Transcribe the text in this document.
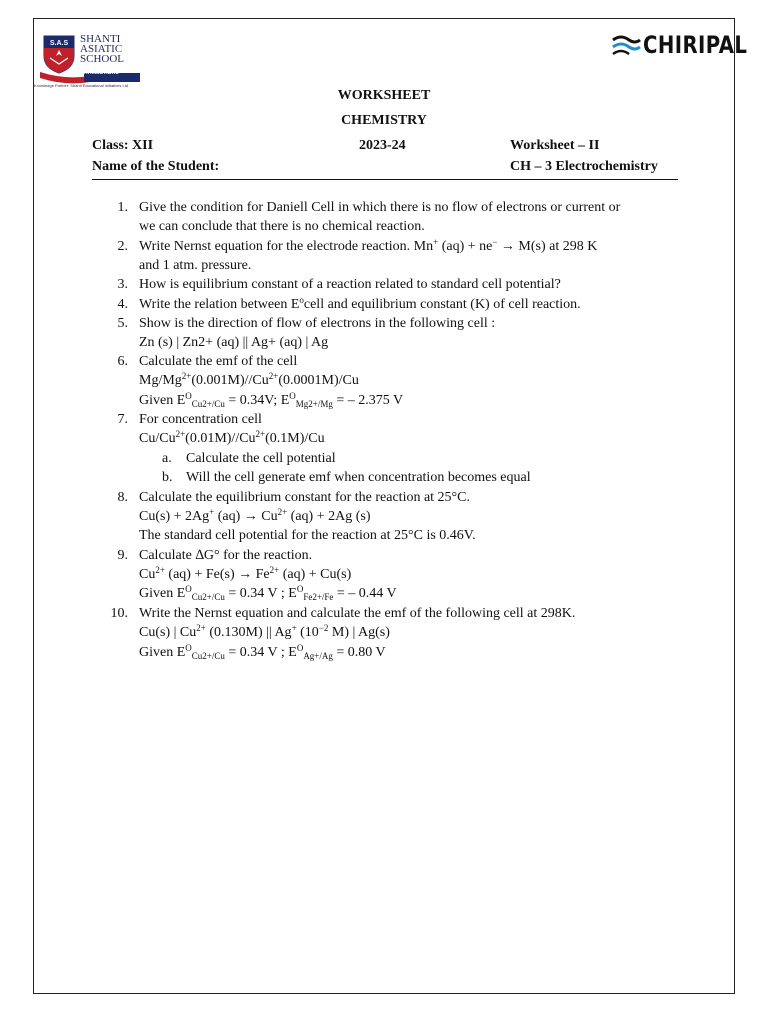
S.A.S SHANTI
ASIATIC
SCHOOL
AHMEDABAD
Knowledge Partner: Shanti Educational Initiatives Ltd.
CHIRIPAL
WORKSHEET
CHEMISTRY
Class: XII	2023-24	Worksheet – II
Name of the Student:	CH – 3 Electrochemistry
1. Give the condition for Daniell Cell in which there is no flow of electrons or current or
we can conclude that there is no chemical reaction.
2. Write Nernst equation for the electrode reaction. Mn+ (aq) + ne− → M(s) at 298 K
and 1 atm. pressure.
3. How is equilibrium constant of a reaction related to standard cell potential?
4. Write the relation between $E^ocell$ and equilibrium constant (K) of cell reaction.
5. Show is the direction of flow of electrons in the following cell :
Zn (s) | Zn2+ (aq) || Ag+ (aq) | Ag
6. Calculate the emf of the cell
$Mg/Mg^{2+}(0.001M)//Cu^{2+}(0.0001M)/Cu$
Given $E^O_{Cu2+/Cu} = 0.34V$; $E^O_{Mg2+/Mg}$ = – 2.375 V
7. For concentration cell
$Cu/Cu^{2+}(0.01M)//Cu^{2+}(0.1M)/Cu$
a. Calculate the cell potential
b. Will the cell generate emf when concentration becomes equal
8. Calculate the equilibrium constant for the reaction at 25°C.
Cu(s) + 2Ag+ $(aq) \to Cu^{2+}$ (aq) + 2Ag (s)
The standard cell potential for the reaction at 25°C is 0.46V.
9. Calculate ∆G° for the reaction.
$Cu^{2+}$ $(aq) + Fe(s) \to Fe^{2+}$ (aq) + Cu(s)
Given $E^O_{Cu2+/Cu} = 0.34$ V ; $E^O_{Fe2+/Fe}$ = – 0.44 V
10. Write the Nernst equation and calculate the emf of the following cell at 298K.
Cu(s) | $Cu^{2+}$ (0.130M) || Ag+ ($10^{-2}$ M) | Ag(s)
Given $E^O_{Cu2+/Cu} = 0.34$ V ; $E^O_{Ag+/Ag} = 0.80$ V
